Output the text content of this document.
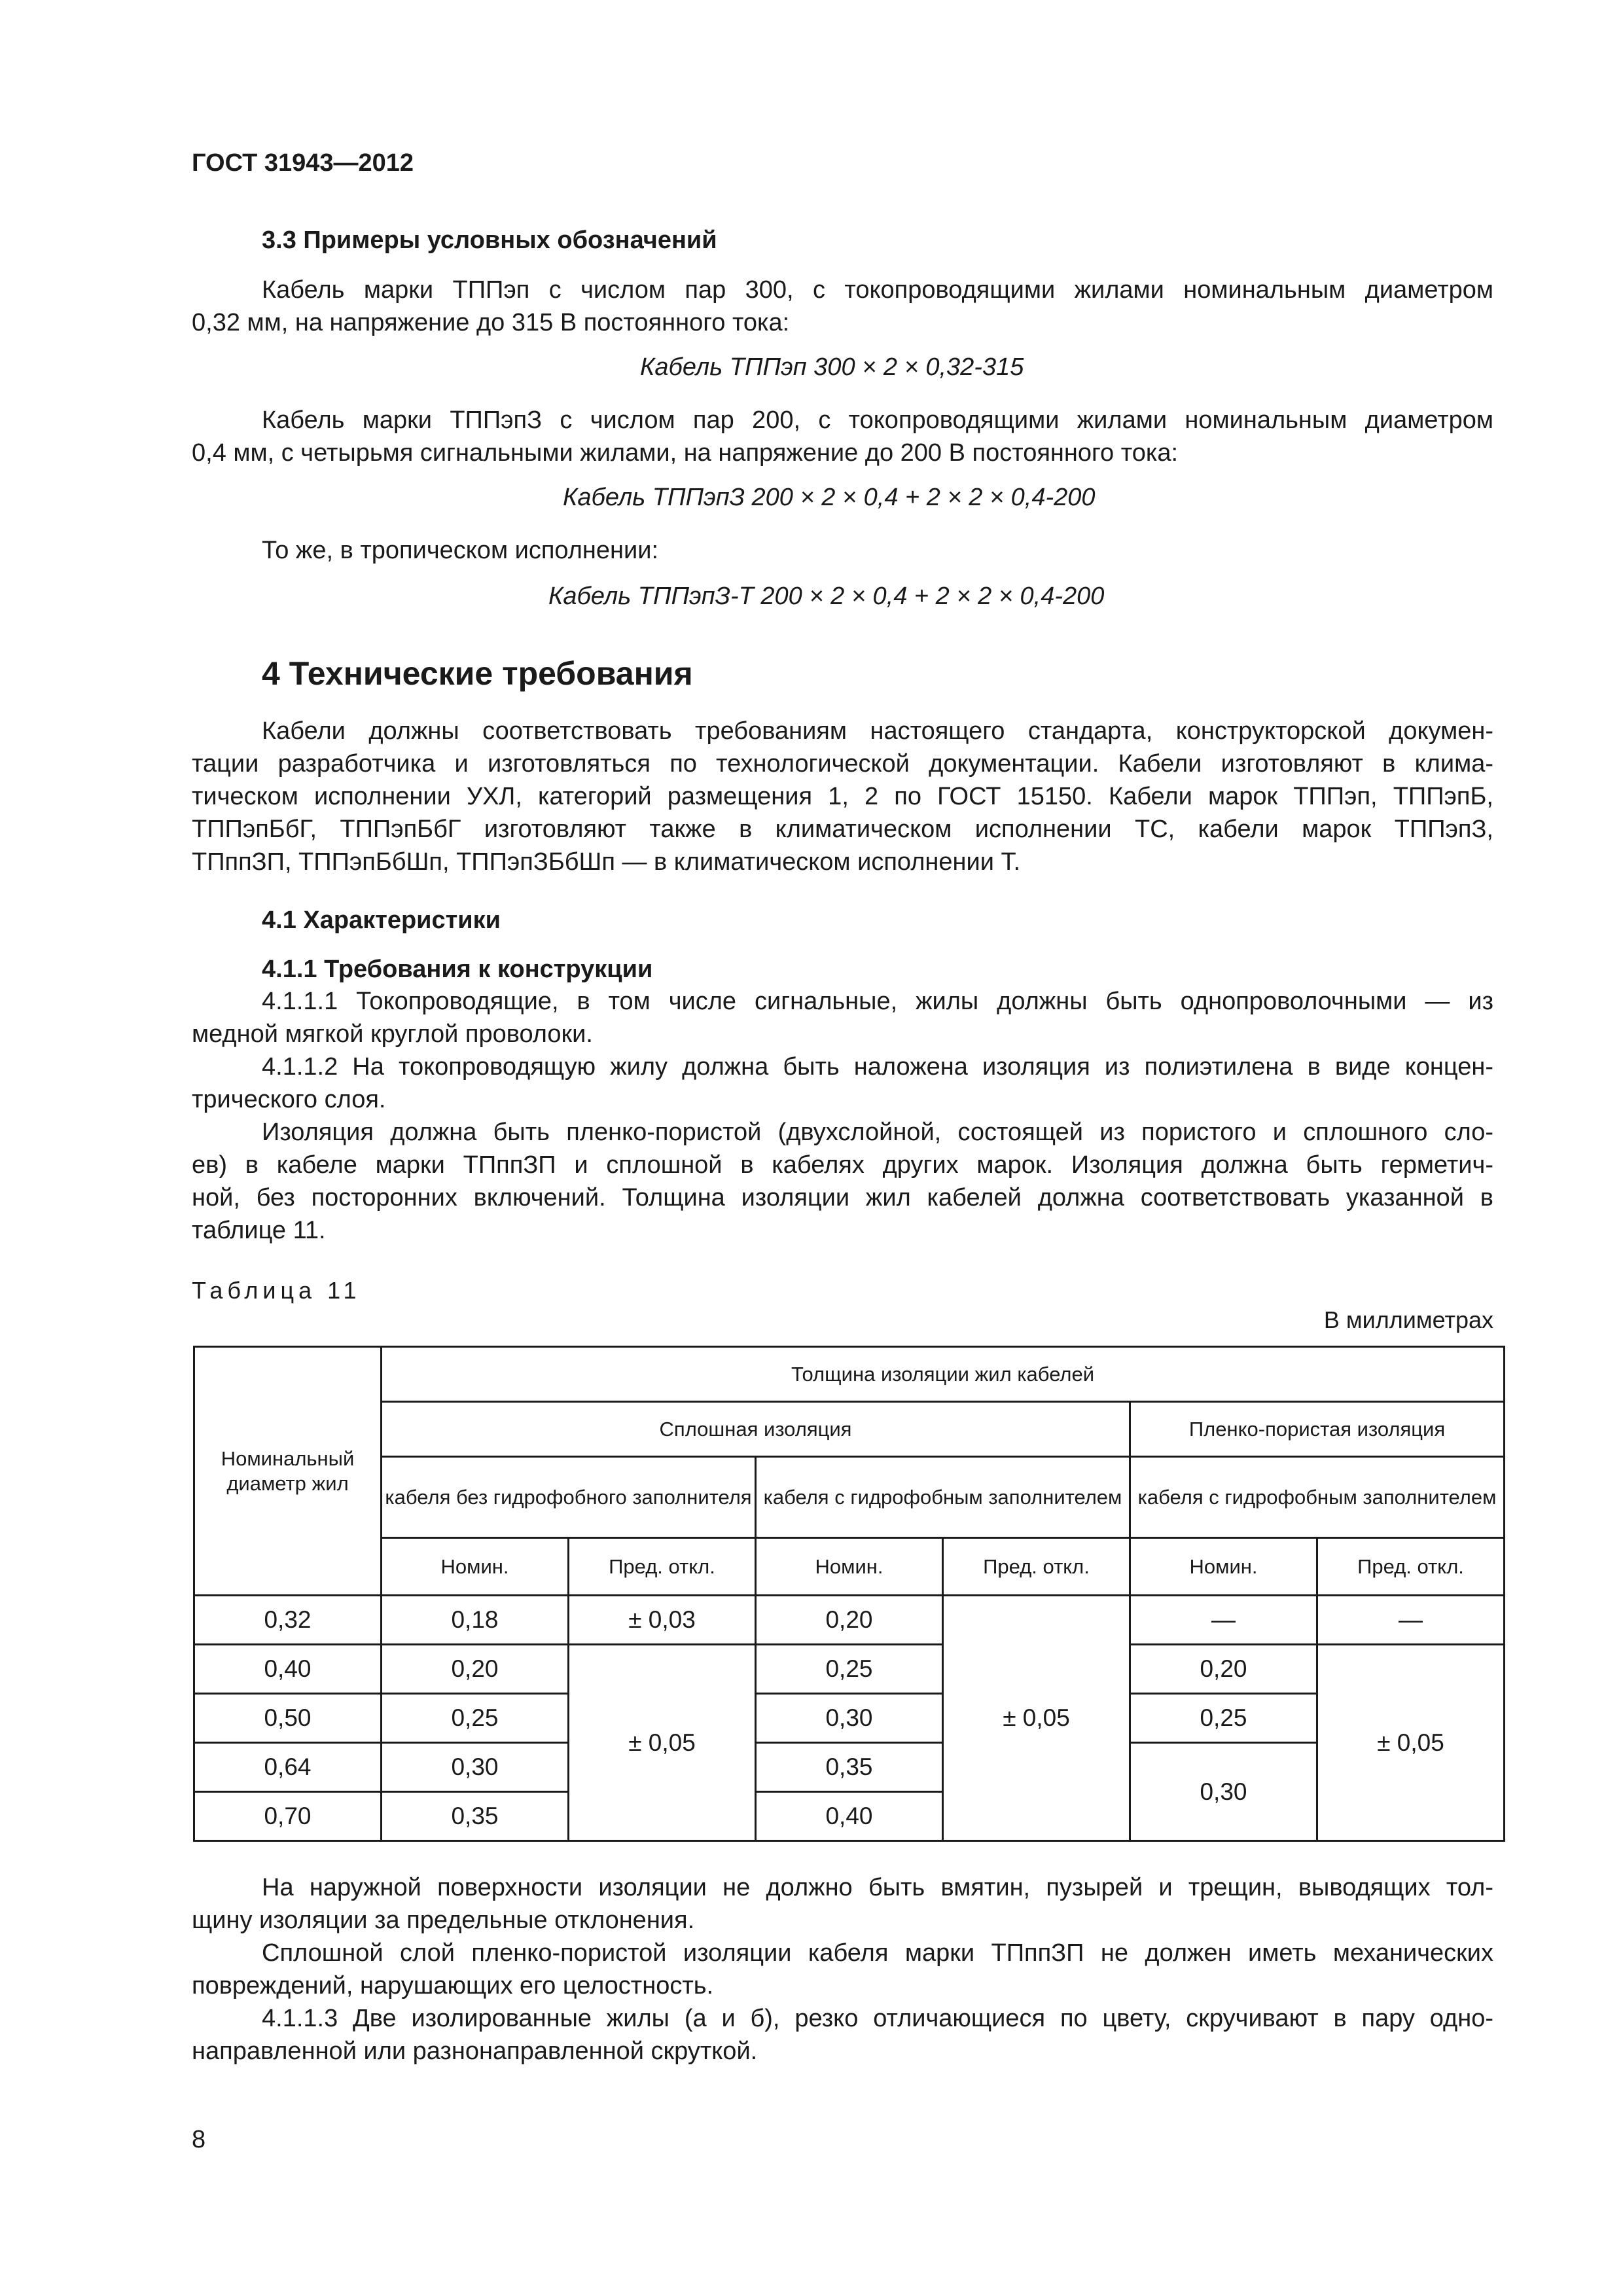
ГОСТ 31943—2012
3.3 Примеры условных обозначений
Кабель марки ТППэп с числом пар 300, с токопроводящими жилами номинальным диаметром
0,32 мм, на напряжение до 315 В постоянного тока:
Кабель ТППэп 300 × 2 × 0,32-315
Кабель марки ТППэпЗ с числом пар 200, с токопроводящими жилами номинальным диаметром
0,4 мм, с четырьмя сигнальными жилами, на напряжение до 200 В постоянного тока:
Кабель ТППэпЗ 200 × 2 × 0,4 + 2 × 2 × 0,4-200
То же, в тропическом исполнении:
Кабель ТППэпЗ-Т 200 × 2 × 0,4 + 2 × 2 × 0,4-200
4 Технические требования
Кабели должны соответствовать требованиям настоящего стандарта, конструкторской докумен-
тации разработчика и изготовляться по технологической документации. Кабели изготовляют в клима-
тическом исполнении УХЛ, категорий размещения 1, 2 по ГОСТ 15150. Кабели марок ТППэп, ТППэпБ,
ТППэпБбГ, ТППэпБбГ изготовляют также в климатическом исполнении ТС, кабели марок ТППэпЗ,
ТПппЗП, ТППэпБбШп, ТППэпЗБбШп — в климатическом исполнении Т.
4.1 Характеристики
4.1.1 Требования к конструкции
4.1.1.1 Токопроводящие, в том числе сигнальные, жилы должны быть однопроволочными — из
медной мягкой круглой проволоки.
4.1.1.2 На токопроводящую жилу должна быть наложена изоляция из полиэтилена в виде концен-
трического слоя.
Изоляция должна быть пленко-пористой (двухслойной, состоящей из пористого и сплошного сло-
ев) в кабеле марки ТПппЗП и сплошной в кабелях других марок. Изоляция должна быть герметич-
ной, без посторонних включений. Толщина изоляции жил кабелей должна соответствовать указанной в
таблице 11.
Таблица 11
В миллиметрах
Номинальный диаметр жил	Толщина изоляции жил кабелей					
	Сплошная изоляция				Пленко-пористая изоляция	
	кабеля без гидрофобного заполнителя		кабеля с гидрофобным заполнителем		кабеля с гидрофобным заполнителем	
	Номин.	Пред. откл.	Номин.	Пред. откл.	Номин.	Пред. откл.
0,32	0,18	± 0,03	0,20	± 0,05	—	—
0,40	0,20	± 0,05	0,25		0,20	± 0,05
0,50	0,25		0,30		0,25	
0,64	0,30		0,35		0,30	
0,70	0,35		0,40			
На наружной поверхности изоляции не должно быть вмятин, пузырей и трещин, выводящих тол-
щину изоляции за предельные отклонения.
Сплошной слой пленко-пористой изоляции кабеля марки ТПппЗП не должен иметь механических
повреждений, нарушающих его целостность.
4.1.1.3 Две изолированные жилы (а и б), резко отличающиеся по цвету, скручивают в пару одно-
направленной или разнонаправленной скруткой.
8
